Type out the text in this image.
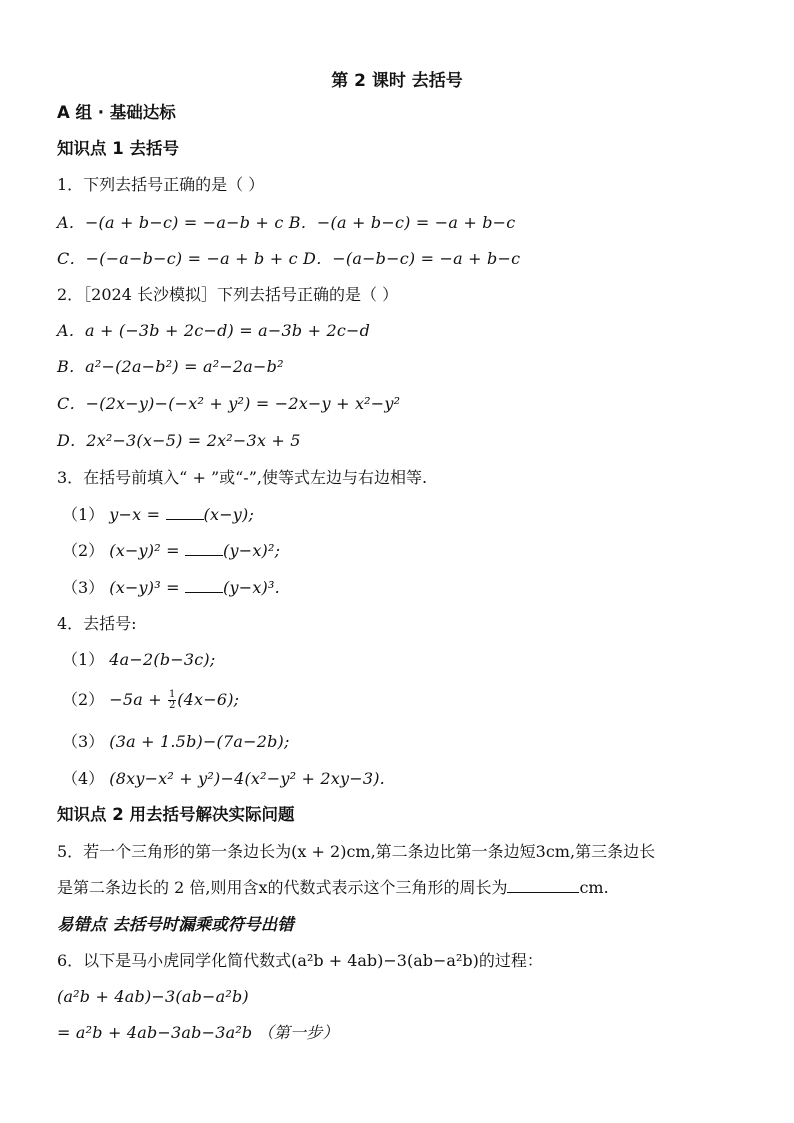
第 2 课时 去括号
A 组 · 基础达标
知识点 1 去括号
1．下列去括号正确的是（ ）
A．−(a + b−c) = −a−b + c B．−(a + b−c) = −a + b−c
C．−(−a−b−c) = −a + b + c D．−(a−b−c) = −a + b−c
2．［2024 长沙模拟］下列去括号正确的是（ ）
A．a + (−3b + 2c−d) = a−3b + 2c−d
B．a²−(2a−b²) = a²−2a−b²
C．−(2x−y)−(−x² + y²) = −2x−y + x²−y²
D．2x²−3(x−5) = 2x²−3x + 5
3．在括号前填入“ + ”或“-”,使等式左边与右边相等.
（1） y−x = (x−y);
（2） (x−y)² = (y−x)²;
（3） (x−y)³ = (y−x)³.
4．去括号:
（1） 4a−2(b−3c);
$(2) -5a + \frac{1}{2} (4x-6)$;
（3） (3a + 1.5b)−(7a−2b);
（4） (8xy−x² + y²)−4(x²−y² + 2xy−3).
知识点 2 用去括号解决实际问题
5．若一个三角形的第一条边长为(x + 2)cm,第二条边比第一条边短3cm,第三条边长
是第二条边长的 2 倍,则用含x的代数式表示这个三角形的周长为	cm.
易错点 去括号时漏乘或符号出错
6．以下是马小虎同学化简代数式(a²b + 4ab)−3(ab−a²b)的过程：
(a²b + 4ab)−3(ab−a²b)
= a²b + 4ab−3ab−3a²b （第一步）
